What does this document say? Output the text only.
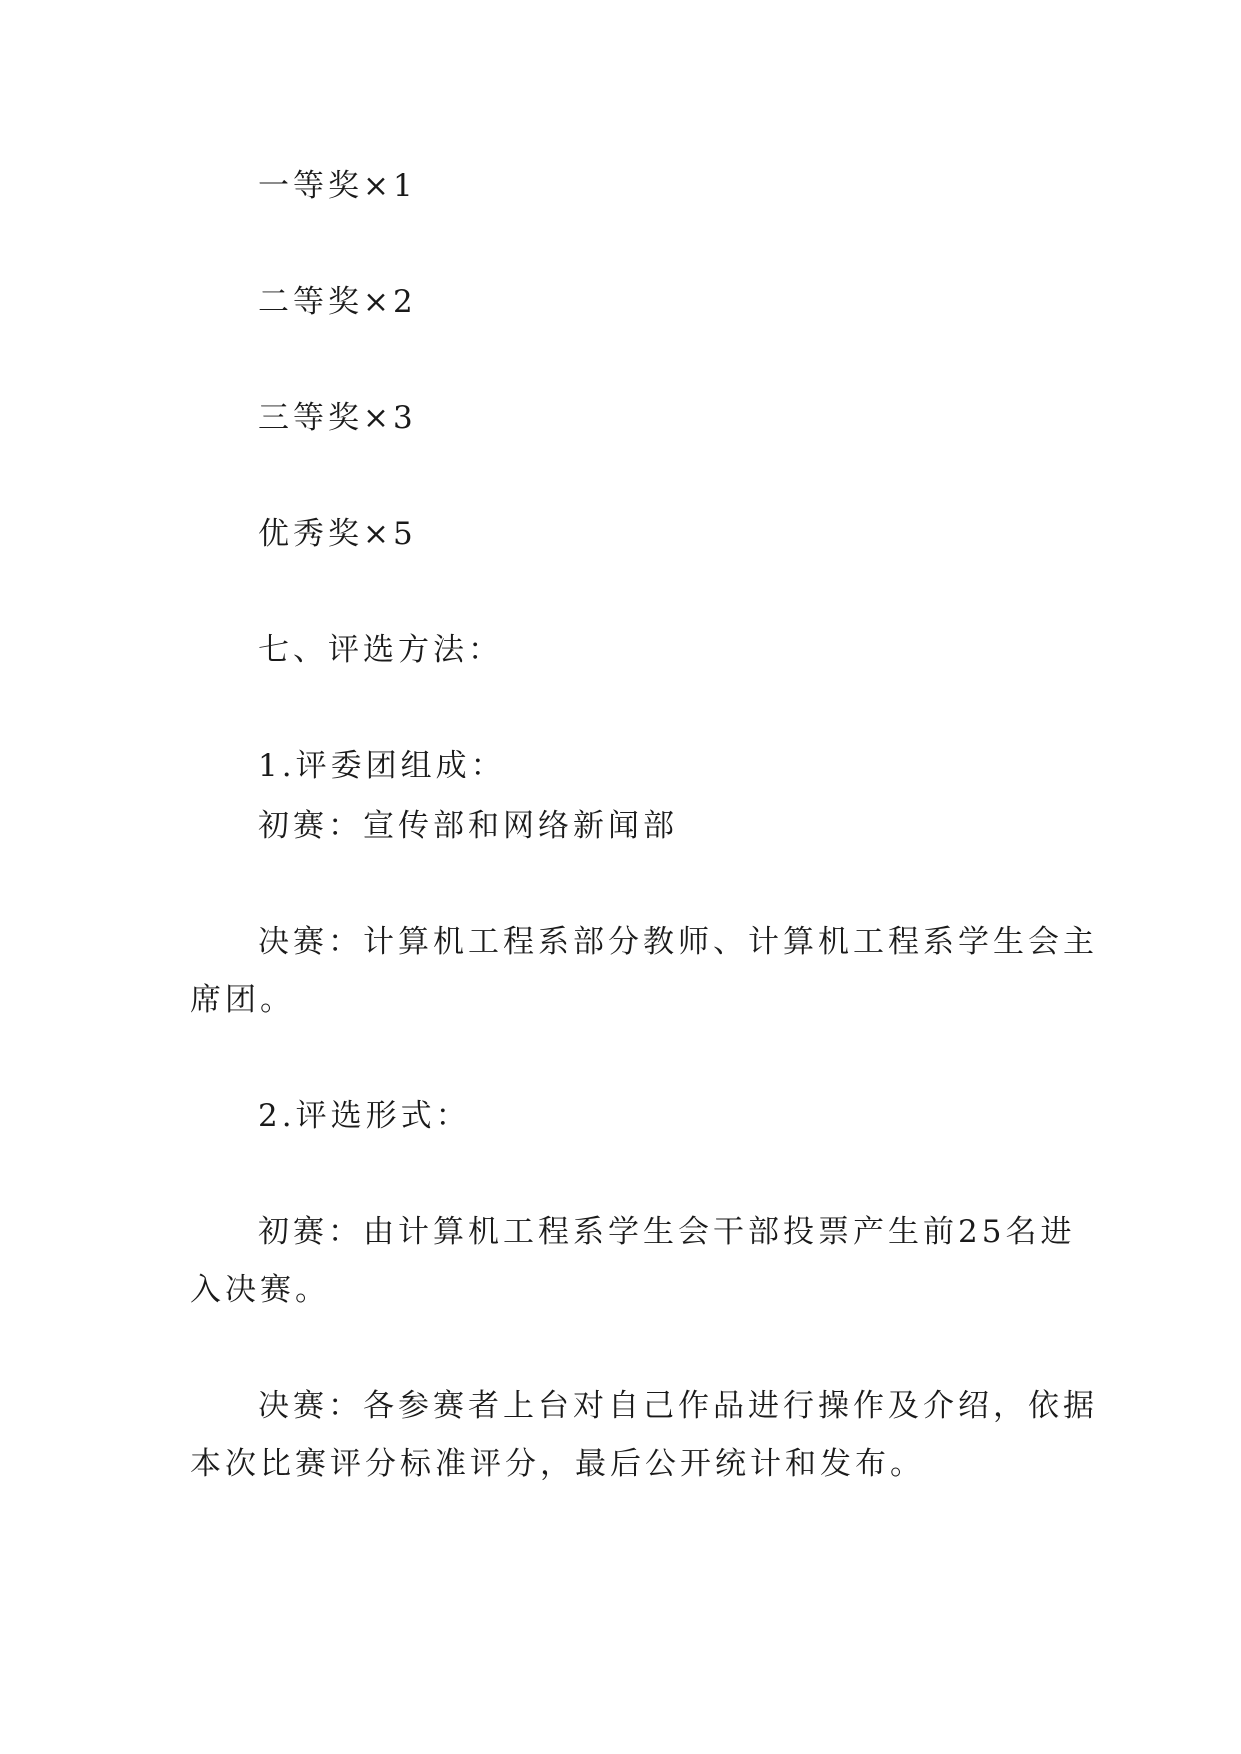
一等奖×1

二等奖×2

三等奖×3

优秀奖×5

七、评选方法：

1.评委团组成：

初赛：宣传部和网络新闻部

决赛：计算机工程系部分教师、计算机工程系学生会主

席团。

2.评选形式：

初赛：由计算机工程系学生会干部投票产生前25名进

入决赛。

决赛：各参赛者上台对自己作品进行操作及介绍，依据

本次比赛评分标准评分，最后公开统计和发布。
